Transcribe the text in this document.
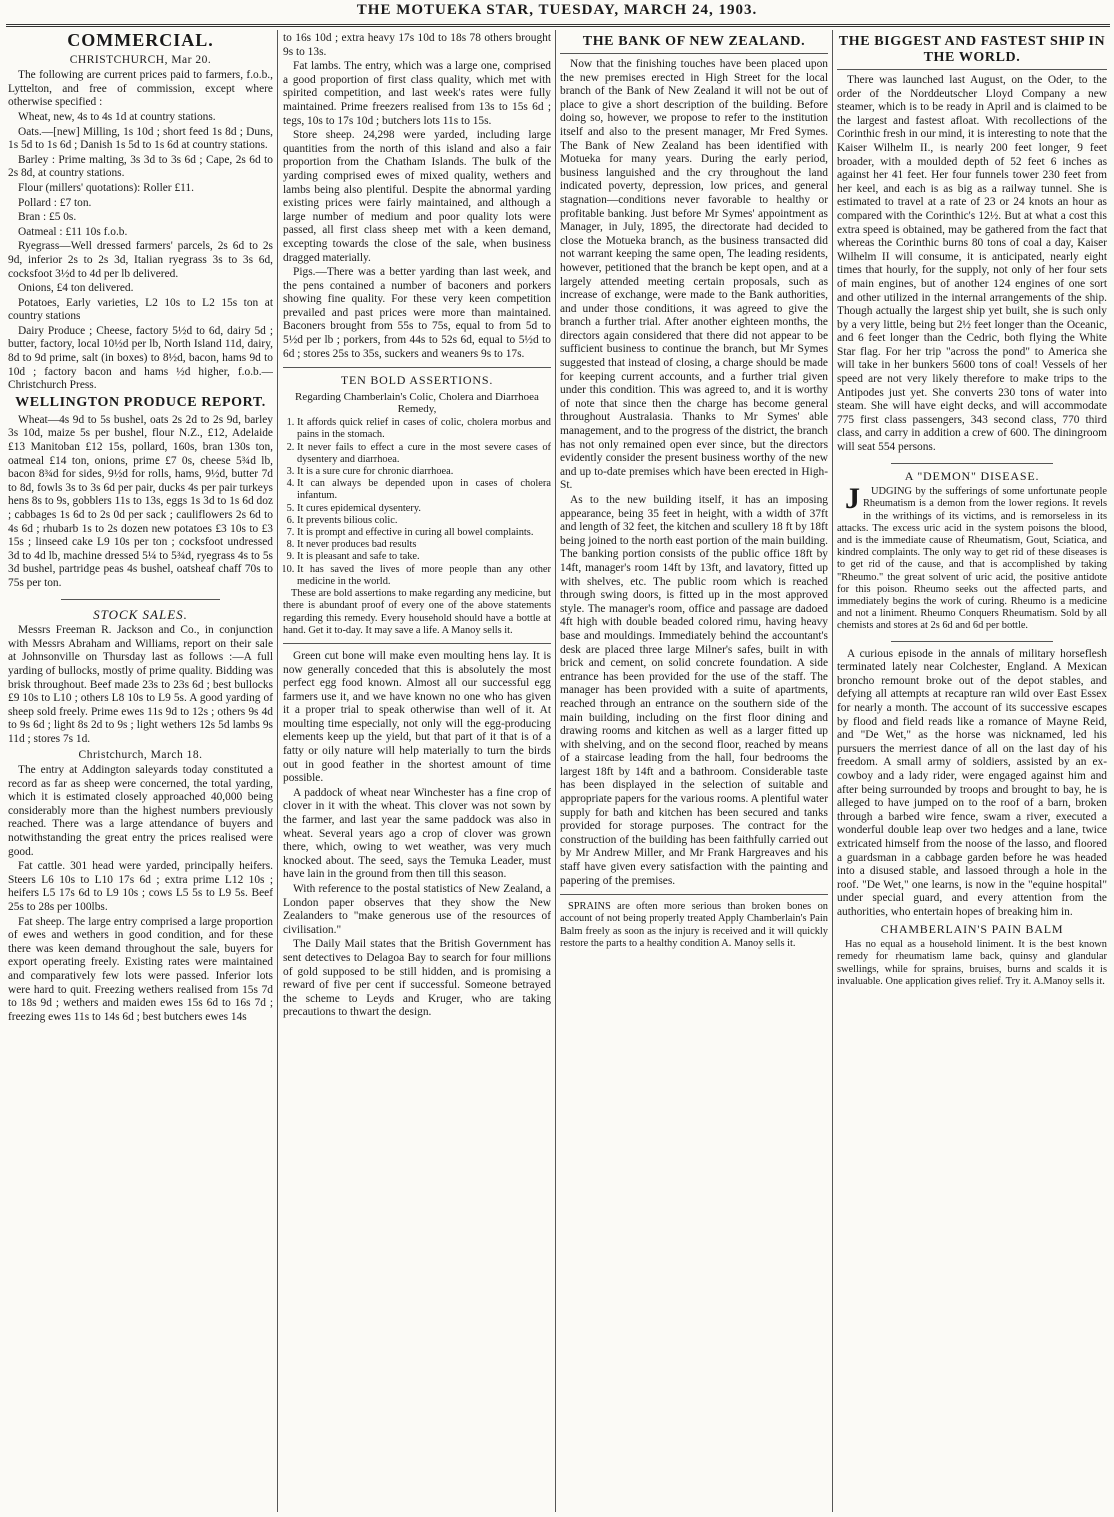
THE MOTUEKA STAR, TUESDAY, MARCH 24, 1903.
COMMERCIAL.
CHRISTCHURCH, Mar 20.

The following are current prices paid to farmers, f.o.b., Lyttelton, and free of commission, except where otherwise specified :

Wheat, new, 4s to 4s 1d at country stations.

Oats.—[new] Milling, 1s 10d ; short feed 1s 8d ; Duns, 1s 5d to 1s 6d ; Danish 1s 5d to 1s 6d at country stations.

Barley : Prime malting, 3s 3d to 3s 6d ; Cape, 2s 6d to 2s 8d, at country stations.

Flour (millers' quotations): Roller £11.

Pollard : £7 ton.

Bran : £5 0s.

Oatmeal : £11 10s f.o.b.

Ryegrass—Well dressed farmers' parcels, 2s 6d to 2s 9d, inferior 2s to 2s 3d, Italian ryegrass 3s to 3s 6d, cocksfoot 3½d to 4d per lb delivered.

Onions, £4 ton delivered.

Potatoes, Early varieties, L2 10s to L2 15s ton at country stations

Dairy Produce ; Cheese, factory 5½d to 6d, dairy 5d ; butter, factory, local 10½d per lb, North Island 11d, dairy, 8d to 9d prime, salt (in boxes) to 8½d, bacon, hams 9d to 10d ; factory bacon and hams ½d higher, f.o.b.—Christchurch Press.

WELLINGTON PRODUCE REPORT.

Wheat—4s 9d to 5s bushel, oats 2s 2d to 2s 9d, barley 3s 10d, maize 5s per bushel, flour N.Z., £12, Adelaide £13 Manitoban £12 15s, pollard, 160s, bran 130s ton, oatmeal £14 ton, onions, prime £7 0s, cheese 5¾d lb, bacon 8¾d for sides, 9½d for rolls, hams, 9½d, butter 7d to 8d, fowls 3s to 3s 6d per pair, ducks 4s per pair turkeys hens 8s to 9s, gobblers 11s to 13s, eggs 1s 3d to 1s 6d doz ; cabbages 1s 6d to 2s 0d per sack ; cauliflowers 2s 6d to 4s 6d ; rhubarb 1s to 2s dozen new potatoes £3 10s to £3 15s ; linseed cake L9 10s per ton ; cocksfoot undressed 3d to 4d lb, machine dressed 5¼ to 5¾d, ryegrass 4s to 5s 3d bushel, partridge peas 4s bushel, oatsheaf chaff 70s to 75s per ton.

STOCK SALES.

Messrs Freeman R. Jackson and Co., in conjunction with Messrs Abraham and Williams, report on their sale at Johnsonville on Thursday last as follows :—A full yarding of bullocks, mostly of prime quality. Bidding was brisk throughout. Beef made 23s to 23s 6d ; best bullocks £9 10s to L10 ; others L8 10s to L9 5s. A good yarding of sheep sold freely. Prime ewes 11s 9d to 12s ; others 9s 4d to 9s 6d ; light 8s 2d to 9s ; light wethers 12s 5d lambs 9s 11d ; stores 7s 1d.

Christchurch, March 18.

The entry at Addington saleyards today constituted a record as far as sheep were concerned, the total yarding, which it is estimated closely approached 40,000 being considerably more than the highest numbers previously reached. There was a large attendance of buyers and notwithstanding the great entry the prices realised were good.

Fat cattle. 301 head were yarded, principally heifers. Steers L6 10s to L10 17s 6d ; extra prime L12 10s ; heifers L5 17s 6d to L9 10s ; cows L5 5s to L9 5s. Beef 25s to 28s per 100lbs.

Fat sheep. The large entry comprised a large proportion of ewes and wethers in good condition, and for these there was keen demand throughout the sale, buyers for export operating freely. Existing rates were maintained and comparatively few lots were passed. Inferior lots were hard to quit. Freezing wethers realised from 15s 7d to 18s 9d ; wethers and maiden ewes 15s 6d to 16s 7d ; freezing ewes 11s to 14s 6d ; best butchers ewes 14s

to 16s 10d ; extra heavy 17s 10d to 18s 78 others brought 9s to 13s.

Fat lambs. The entry, which was a large one, comprised a good proportion of first class quality, which met with spirited competition, and last week's rates were fully maintained. Prime freezers realised from 13s to 15s 6d ; tegs, 10s to 17s 10d ; butchers lots 11s to 15s.

Store sheep. 24,298 were yarded, including large quantities from the north of this island and also a fair proportion from the Chatham Islands. The bulk of the yarding comprised ewes of mixed quality, wethers and lambs being also plentiful. Despite the abnormal yarding existing prices were fairly maintained, and although a large number of medium and poor quality lots were passed, all first class sheep met with a keen demand, excepting towards the close of the sale, when business dragged materially.

Pigs.—There was a better yarding than last week, and the pens contained a number of baconers and porkers showing fine quality. For these very keen competition prevailed and past prices were more than maintained. Baconers brought from 55s to 75s, equal to from 5d to 5½d per lb ; porkers, from 44s to 52s 6d, equal to 5½d to 6d ; stores 25s to 35s, suckers and weaners 9s to 17s.

TEN BOLD ASSERTIONS.
Regarding Chamberlain's Colic, Cholera and Diarrhoea Remedy,
1. It affords quick relief in cases of colic, cholera morbus and pains in the stomach.
2. It never fails to effect a cure in the most severe cases of dysentery and diarrhoea.
3. It is a sure cure for chronic diarrhoea.
4. It can always be depended upon in cases of cholera infantum.
5. It cures epidemical dysentery.
6. It prevents bilious colic.
7. It is prompt and effective in curing all bowel complaints.
8. It never produces bad results
9. It is pleasant and safe to take.
10. It has saved the lives of more people than any other medicine in the world.

These are bold assertions to make regarding any medicine, but there is abundant proof of every one of the above statements regarding this remedy. Every household should have a bottle at hand. Get it to-day. It may save a life. A Manoy sells it.

Green cut bone will make even moulting hens lay. It is now generally conceded that this is absolutely the most perfect egg food known. Almost all our successful egg farmers use it, and we have known no one who has given it a proper trial to speak otherwise than well of it. At moulting time especially, not only will the egg-producing elements keep up the yield, but that part of it that is of a fatty or oily nature will help materially to turn the birds out in good feather in the shortest amount of time possible.

A paddock of wheat near Winchester has a fine crop of clover in it with the wheat. This clover was not sown by the farmer, and last year the same paddock was also in wheat. Several years ago a crop of clover was grown there, which, owing to wet weather, was very much knocked about. The seed, says the Temuka Leader, must have lain in the ground from then till this season.

With reference to the postal statistics of New Zealand, a London paper observes that they show the New Zealanders to "make generous use of the resources of civilisation."

The Daily Mail states that the British Government has sent detectives to Delagoa Bay to search for four millions of gold supposed to be still hidden, and is promising a reward of five per cent if successful. Someone betrayed the scheme to Leyds and Kruger, who are taking precautions to thwart the design.

THE BANK OF NEW ZEALAND.

Now that the finishing touches have been placed upon the new premises erected in High Street for the local branch of the Bank of New Zealand it will not be out of place to give a short description of the building. Before doing so, however, we propose to refer to the institution itself and also to the present manager, Mr Fred Symes. The Bank of New Zealand has been identified with Motueka for many years. During the early period, business languished and the cry throughout the land indicated poverty, depression, low prices, and general stagnation—conditions never favorable to healthy or profitable banking. Just before Mr Symes' appointment as Manager, in July, 1895, the directorate had decided to close the Motueka branch, as the business transacted did not warrant keeping the same open, The leading residents, however, petitioned that the branch be kept open, and at a largely attended meeting certain proposals, such as increase of exchange, were made to the Bank authorities, and under those conditions, it was agreed to give the branch a further trial. After another eighteen months, the directors again considered that there did not appear to be sufficient business to continue the branch, but Mr Symes suggested that instead of closing, a charge should be made for keeping current accounts, and a further trial given under this condition. This was agreed to, and it is worthy of note that since then the charge has become general throughout Australasia. Thanks to Mr Symes' able management, and to the progress of the district, the branch has not only remained open ever since, but the directors evidently consider the present business worthy of the new and up to-date premises which have been erected in High-St.

As to the new building itself, it has an imposing appearance, being 35 feet in height, with a width of 37ft and length of 32 feet, the kitchen and scullery 18 ft by 18ft being joined to the north east portion of the main building. The banking portion consists of the public office 18ft by 14ft, manager's room 14ft by 13ft, and lavatory, fitted up with shelves, etc. The public room which is reached through swing doors, is fitted up in the most approved style. The manager's room, office and passage are dadoed 4ft high with double beaded colored rimu, having heavy base and mouldings. Immediately behind the accountant's desk are placed three large Milner's safes, built in with brick and cement, on solid concrete foundation. A side entrance has been provided for the use of the staff. The manager has been provided with a suite of apartments, reached through an entrance on the southern side of the main building, including on the first floor dining and drawing rooms and kitchen as well as a larger fitted up with shelving, and on the second floor, reached by means of a staircase leading from the hall, four bedrooms the largest 18ft by 14ft and a bathroom. Considerable taste has been displayed in the selection of suitable and appropriate papers for the various rooms. A plentiful water supply for bath and kitchen has been secured and tanks provided for storage purposes. The contract for the construction of the building has been faithfully carried out by Mr Andrew Miller, and Mr Frank Hargreaves and his staff have given every satisfaction with the painting and papering of the premises.

SPRAINS are often more serious than broken bones on account of not being properly treated Apply Chamberlain's Pain Balm freely as soon as the injury is received and it will quickly restore the parts to a healthy condition A. Manoy sells it.

THE BIGGEST AND FASTEST SHIP IN THE WORLD.

There was launched last August, on the Oder, to the order of the Norddeutscher Lloyd Company a new steamer, which is to be ready in April and is claimed to be the largest and fastest afloat. With recollections of the Corinthic fresh in our mind, it is interesting to note that the Kaiser Wilhelm II., is nearly 200 feet longer, 9 feet broader, with a moulded depth of 52 feet 6 inches as against her 41 feet. Her four funnels tower 230 feet from her keel, and each is as big as a railway tunnel. She is estimated to travel at a rate of 23 or 24 knots an hour as compared with the Corinthic's 12½. But at what a cost this extra speed is obtained, may be gathered from the fact that whereas the Corinthic burns 80 tons of coal a day, Kaiser Wilhelm II will consume, it is anticipated, nearly eight times that hourly, for the supply, not only of her four sets of main engines, but of another 124 engines of one sort and other utilized in the internal arrangements of the ship. Though actually the largest ship yet built, she is such only by a very little, being but 2½ feet longer than the Oceanic, and 6 feet longer than the Cedric, both flying the White Star flag. For her trip "across the pond" to America she will take in her bunkers 5600 tons of coal! Vessels of her speed are not very likely therefore to make trips to the Antipodes just yet. She converts 230 tons of water into steam. She will have eight decks, and will accommodate 775 first class passengers, 343 second class, 770 third class, and carry in addition a crew of 600. The diningroom will seat 554 persons.

A "DEMON" DISEASE.

J UDGING by the sufferings of some unfortunate people Rheumatism is a demon from the lower regions. It revels in the writhings of its victims, and is remorseless in its attacks. The excess uric acid in the system poisons the blood, and is the immediate cause of Rheumatism, Gout, Sciatica, and kindred complaints. The only way to get rid of these diseases is to get rid of the cause, and that is accomplished by taking "Rheumo." the great solvent of uric acid, the positive antidote for this poison. Rheumo seeks out the affected parts, and immediately begins the work of curing. Rheumo is a medicine and not a liniment. Rheumo Conquers Rheumatism. Sold by all chemists and stores at 2s 6d and 6d per bottle.

A curious episode in the annals of military horseflesh terminated lately near Colchester, England. A Mexican broncho remount broke out of the depot stables, and defying all attempts at recapture ran wild over East Essex for nearly a month. The account of its successive escapes by flood and field reads like a romance of Mayne Reid, and "De Wet," as the horse was nicknamed, led his pursuers the merriest dance of all on the last day of his freedom. A small army of soldiers, assisted by an ex-cowboy and a lady rider, were engaged against him and after being surrounded by troops and brought to bay, he is alleged to have jumped on to the roof of a barn, broken through a barbed wire fence, swam a river, executed a wonderful double leap over two hedges and a lane, twice extricated himself from the noose of the lasso, and floored a guardsman in a cabbage garden before he was headed into a disused stable, and lassoed through a hole in the roof. "De Wet," one learns, is now in the "equine hospital" under special guard, and every attention from the authorities, who entertain hopes of breaking him in.

CHAMBERLAIN'S PAIN BALM

Has no equal as a household liniment. It is the best known remedy for rheumatism lame back, quinsy and glandular swellings, while for sprains, bruises, burns and scalds it is invaluable. One application gives relief. Try it. A.Manoy sells it.
